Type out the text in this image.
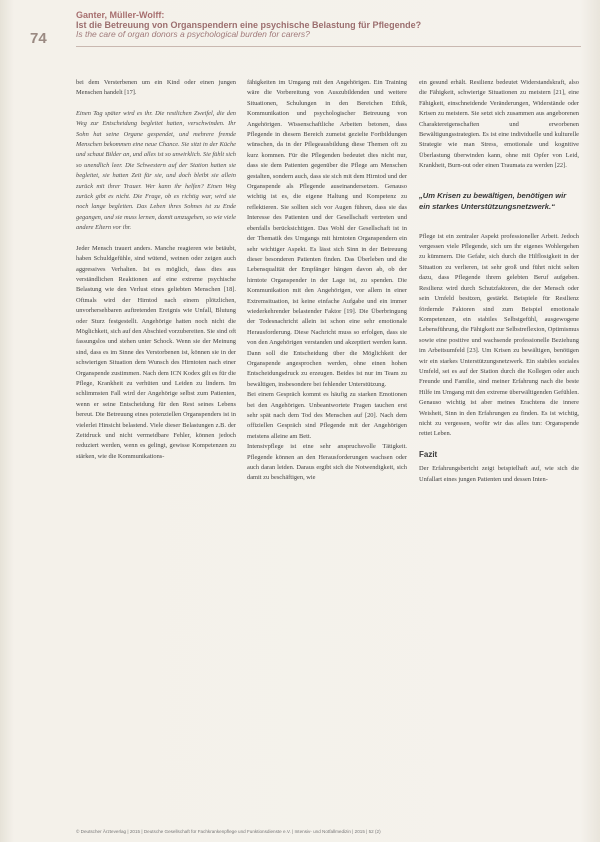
74
Ganter, Müller-Wolff:
Ist die Betreuung von Organspendern eine psychische Belastung für Pflegende?
Is the care of organ donors a psychological burden for carers?

bei dem Versterbenen um ein Kind oder einen jungen Menschen handelt [17].

Einen Tag später wird es ihr. Die restlichen Zweifel, die den Weg zur Entscheidung begleitet hatten, verschwinden. Ihr Sohn hat seine Organe gespendet, und mehrere fremde Menschen bekommen eine neue Chance. Sie sitzt in der Küche und schaut Bilder an, und alles ist so unwirklich. Sie fühlt sich so unendlich leer. Die Schwestern auf der Station hatten sie begleitet, sie hatten Zeit für sie, und doch bleibt sie allein zurück mit ihrer Trauer. Wer kann ihr helfen? Einen Weg zurück gibt es nicht. Die Frage, ob es richtig war, wird sie noch lange begleiten. Das Leben ihres Sohnes ist zu Ende gegangen, und sie muss lernen, damit umzugehen, so wie viele andere Eltern vor ihr.

Jeder Mensch trauert anders. Manche reagieren wie betäubt, haben Schuldgefühle, sind wütend, weinen oder zeigen auch aggressives Verhalten. Ist es möglich, dass dies aus verständlichen Reaktionen auf eine extreme psychische Belastung wie den Verlust eines geliebten Menschen [18]. Oftmals wird der Hirntod nach einem plötzlichen, unvorhersehbaren auftretenden Ereignis wie Unfall, Blutung oder Sturz festgestellt. Angehörige hatten noch nicht die Möglichkeit, sich auf den Abschied vorzubereiten. Sie sind oft fassungslos und stehen unter Schock. Wenn sie der Meinung sind, dass es im Sinne des Verstorbenen ist, können sie in der schwierigen Situation dem Wunsch des Hirntoten nach einer Organspende zustimmen. Nach dem ICN Kodex gilt es für die Pflege, Krankheit zu verhüten und Leiden zu lindern. Im schlimmsten Fall wird der Angehörige selbst zum Patienten, wenn er seine Entscheidung für den Rest seines Lebens bereut. Die Betreuung eines potenziellen Organspenders ist in vielerlei Hinsicht belastend. Viele dieser Belastungen z.B. der Zeitdruck und nicht vermeidbare Fehler, können jedoch reduziert werden, wenn es gelingt, gewisse Kompetenzen zu stärken, wie die Kommunikations-

fähigkeiten im Umgang mit den Angehörigen. Ein Training wäre die Vorbereitung von Auszubildenden und weitere Situationen, Schulungen in den Bereichen Ethik, Kommunikation und psychologischer Betreuung von Angehörigen. Wissenschaftliche Arbeiten betonen, dass Pflegende in diesem Bereich zumeist gezielte Fortbildungen wünschen, da in der Pflegeausbildung diese Themen oft zu kurz kommen. Für die Pflegenden bedeutet dies nicht nur, dass sie dem Patienten gegenüber die Pflege am Menschen gestalten, sondern auch, dass sie sich mit dem Hirntod und der Organspende als Pflegende auseinandersetzen. Genauso wichtig ist es, die eigene Haltung und Kompetenz zu reflektieren. Sie sollten sich vor Augen führen, dass sie das Interesse des Patienten und der Gesellschaft vertreten und ebenfalls berücksichtigen. Das Wohl der Gesellschaft ist in der Thematik des Umgangs mit hirntoten Organspendern ein sehr wichtiger Aspekt. Es lässt sich Sinn in der Betreuung dieser besonderen Patienten finden. Das Überleben und die Lebensqualität der Empfänger hängen davon ab, ob der hirntote Organspender in der Lage ist, zu spenden. Die Kommunikation mit den Angehörigen, vor allem in einer Extremsituation, ist keine einfache Aufgabe und ein immer wiederkehrender belastender Faktor [19]. Die Überbringung der Todesnachricht allein ist schon eine sehr emotionale Herausforderung. Diese Nachricht muss so erfolgen, dass sie von den Angehörigen verstanden und akzeptiert werden kann. Dann soll die Entscheidung über die Möglichkeit der Organspende angesprochen werden, ohne einen hohen Entscheidungsdruck zu erzeugen. Beides ist nur im Team zu bewältigen, insbesondere bei fehlender Unterstützung.

Bei einem Gespräch kommt es häufig zu starken Emotionen bei den Angehörigen. Unbeantwortete Fragen tauchen erst sehr spät nach dem Tod des Menschen auf [20]. Nach dem offiziellen Gespräch sind Pflegende mit der Angehörigen meistens alleine am Bett.

Intensivpflege ist eine sehr anspruchsvolle Tätigkeit. Pflegende können an den Herausforderungen wachsen oder auch daran leiden. Daraus ergibt sich die Notwendigkeit, sich damit zu beschäftigen, wie

ein gesund erhält. Resilienz bedeutet Widerstandskraft, also die Fähigkeit, schwierige Situationen zu meistern [21], eine Fähigkeit, einschneidende Veränderungen, Widerstände oder Krisen zu meistern. Sie setzt sich zusammen aus angeborenen Charaktereigenschaften und erworbenen Bewältigungsstrategien. Es ist eine individuelle und kulturelle Strategie wie man Stress, emotionale und kognitive Überlastung überwinden kann, ohne mit Opfer von Leid, Krankheit, Burn-out oder einen Traumata zu werden [22].

„Um Krisen zu bewältigen, benötigen wir ein starkes Unterstützungsnetzwerk.“

Pflege ist ein zentraler Aspekt professioneller Arbeit. Jedoch vergessen viele Pflegende, sich um ihr eigenes Wohlergehen zu kümmern. Die Gefahr, sich durch die Hilflosigkeit in der Situation zu verlieren, ist sehr groß und führt nicht selten dazu, dass Pflegende ihrem gelebten Beruf aufgeben. Resilienz wird durch Schutzfaktoren, die der Mensch oder sein Umfeld besitzen, gestärkt. Beispiele für Resilienz fördernde Faktoren sind zum Beispiel emotionale Kompetenzen, ein stabiles Selbstgefühl, ausgewogene Lebensführung, die Fähigkeit zur Selbstreflexion, Optimismus sowie eine positive und wachsende professionelle Beziehung im Arbeitsumfeld [23]. Um Krisen zu bewältigen, benötigen wir ein starkes Unterstützungsnetzwerk. Ein stabiles soziales Umfeld, sei es auf der Station durch die Kollegen oder auch Freunde und Familie, sind meiner Erfahrung nach die beste Hilfe im Umgang mit den extreme überwältigenden Gefühlen. Genauso wichtig ist aber meines Erachtens die innere Weisheit, Sinn in den Erfahrungen zu finden. Es ist wichtig, nicht zu vergessen, wofür wir das alles tun: Organspende rettet Leben.

Fazit

Der Erfahrungsbericht zeigt beispielhaft auf, wie sich die Unfallart eines jungen Patienten und dessen Inten-

© Deutscher Ärzteverlag | 2015 | Deutsche Gesellschaft für Fachkrankenpflege und Funktionsdienste e.V. | Intensiv- und Notfallmedizin | 2015 | 52 (2)
